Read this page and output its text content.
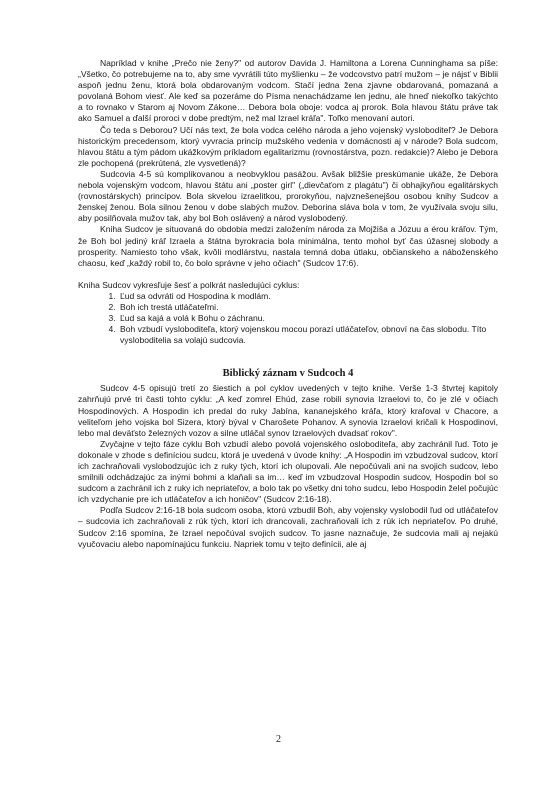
Napríklad v knihe „Prečo nie ženy?" od autorov Davida J. Hamiltona a Lorena Cunninghama sa píše: „Všetko, čo potrebujeme na to, aby sme vyvrátili túto myšlienku – že vodcovstvo patrí mužom – je nájsť v Biblii aspoň jednu ženu, ktorá bola obdarovaným vodcom. Stačí jedna žena zjavne obdarovaná, pomazaná a povolaná Bohom viesť. Ale keď sa pozeráme do Písma nenachádzame len jednu, ale hneď niekoľko takýchto a to rovnako v Starom aj Novom Zákone… Debora bola oboje: vodca aj prorok. Bola hlavou štátu práve tak ako Samuel a ďalší proroci v dobe predtým, než mal Izrael kráľa". Toľko menovaní autori.

Čo teda s Deborou? Učí nás text, že bola vodca celého národa a jeho vojenský vysloboditeľ? Je Debora historickým precedensom, ktorý vyvracia princíp mužského vedenia v domácnosti aj v národe? Bola sudcom, hlavou štátu a tým pádom ukážkovým príkladom egalitarizmu (rovnostárstva, pozn. redakcie)? Alebo je Debora zle pochopená (prekrútená, zle vysvetlená)?

Sudcovia 4-5 sú komplikovanou a neobvyklou pasážou. Avšak bližšie preskúmanie ukáže, že Debora nebola vojenským vodcom, hlavou štátu ani „poster girl" („dievčaťom z plagátu") či obhajkyňou egalitárskych (rovnostárskych) princípov. Bola skvelou izraelitkou, prorokyňou, najvznešenejšou osobou knihy Sudcov a ženskej ženou. Bola silnou ženou v dobe slabých mužov. Deborina sláva bola v tom, že využívala svoju silu, aby posilňovala mužov tak, aby bol Boh oslávený a národ vyslobodený.

Kniha Sudcov je situovaná do obdobia medzi založením národa za Mojžiša a Józuu a érou kráľov. Tým, že Boh bol jediný kráľ Izraela a štátna byrokracia bola minimálna, tento mohol byť čas úžasnej slobody a prosperity. Namiesto toho však, kvôli modlárstvu, nastala temná doba útlaku, občianskeho a náboženského chaosu, keď „každý robil to, čo bolo správne v jeho očiach" (Sudcov 17:6).

Kniha Sudcov vykresľuje šesť a polkrát nasledujúci cyklus:

1. Ľud sa odvráti od Hospodina k modlám.
2. Boh ich trestá utláčateľmi.
3. Ľud sa kajá a volá k Bohu o záchranu.
4. Boh vzbudí vysloboditeľa, ktorý vojenskou mocou porazí utláčateľov, obnoví na čas slobodu. Títo vysloboditelia sa volajú sudcovia.
Biblický záznam v Sudcoch 4

Sudcov 4-5 opisujú tretí zo šiestich a pol cyklov uvedených v tejto knihe. Verše 1-3 štvrtej kapitoly zahrňujú prvé tri časti tohto cyklu: „A keď zomrel Ehúd, zase robili synovia Izraelovi to, čo je zlé v očiach Hospodinových. A Hospodin ich predal do ruky Jabína, kananejského kráľa, ktorý kraľoval v Chacore, a veliteľom jeho vojska bol Sizera, ktorý býval v Charošete Pohanov. A synovia Izraelovi kričali k Hospodinovi, lebo mal deväťsto železných vozov a silne utláčal synov Izraelových dvadsať rokov".

Zvyčajne v tejto fáze cyklu Boh vzbudí alebo povolá vojenského osloboditeľa, aby zachránil ľud. Toto je dokonale v zhode s definíciou sudcu, ktorá je uvedená v úvode knihy: „A Hospodin im vzbudzoval sudcov, ktorí ich zachraňovali vyslobodzujúc ich z ruky tých, ktorí ich olupovali. Ale nepočúvali ani na svojich sudcov, lebo smilnili odchádzajúc za inými bohmi a klaňali sa im… keď im vzbudzoval Hospodin sudcov, Hospodin bol so sudcom a zachránil ich z ruky ich nepriateľov, a bolo tak po všetky dni toho sudcu, lebo Hospodin želel počujúc ich vzdychanie pre ich utláčateľov a ich honičov" (Sudcov 2:16-18).

Podľa Sudcov 2:16-18 bola sudcom osoba, ktorú vzbudil Boh, aby vojensky vyslobodil ľud od utláčateľov – sudcovia ich zachraňovali z rúk tých, ktorí ich drancovali, zachraňovali ich z rúk ich nepriateľov. Po druhé, Sudcov 2:16 spomína, že Izrael nepočúval svojich sudcov. To jasne naznačuje, že sudcovia mali aj nejakú vyučovaciu alebo napomínajúcu funkciu. Napriek tomu v tejto definícii, ale aj

2
